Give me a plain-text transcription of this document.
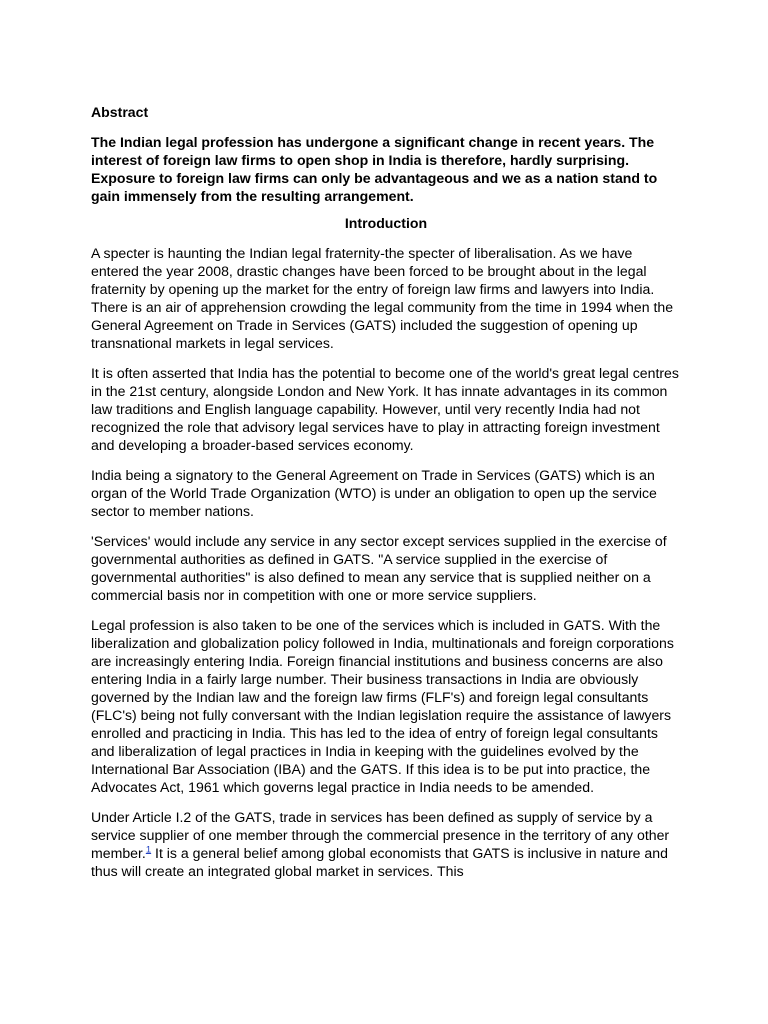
Abstract

The Indian legal profession has undergone a significant change in recent years. The interest of foreign law firms to open shop in India is therefore, hardly surprising. Exposure to foreign law firms can only be advantageous and we as a nation stand to gain immensely from the resulting arrangement.

Introduction

A specter is haunting the Indian legal fraternity-the specter of liberalisation. As we have entered the year 2008, drastic changes have been forced to be brought about in the legal fraternity by opening up the market for the entry of foreign law firms and lawyers into India. There is an air of apprehension crowding the legal community from the time in 1994 when the General Agreement on Trade in Services (GATS) included the suggestion of opening up transnational markets in legal services.

It is often asserted that India has the potential to become one of the world's great legal centres in the 21st century, alongside London and New York. It has innate advantages in its common law traditions and English language capability. However, until very recently India had not recognized the role that advisory legal services have to play in attracting foreign investment and developing a broader-based services economy.

India being a signatory to the General Agreement on Trade in Services (GATS) which is an organ of the World Trade Organization (WTO) is under an obligation to open up the service sector to member nations.

'Services' would include any service in any sector except services supplied in the exercise of governmental authorities as defined in GATS. "A service supplied in the exercise of governmental authorities" is also defined to mean any service that is supplied neither on a commercial basis nor in competition with one or more service suppliers.

Legal profession is also taken to be one of the services which is included in GATS. With the liberalization and globalization policy followed in India, multinationals and foreign corporations are increasingly entering India. Foreign financial institutions and business concerns are also entering India in a fairly large number. Their business transactions in India are obviously governed by the Indian law and the foreign law firms (FLF's) and foreign legal consultants (FLC's) being not fully conversant with the Indian legislation require the assistance of lawyers enrolled and practicing in India. This has led to the idea of entry of foreign legal consultants and liberalization of legal practices in India in keeping with the guidelines evolved by the International Bar Association (IBA) and the GATS. If this idea is to be put into practice, the Advocates Act, 1961 which governs legal practice in India needs to be amended.

Under Article I.2 of the GATS, trade in services has been defined as supply of service by a service supplier of one member through the commercial presence in the territory of any other member.$^1$ It is a general belief among global economists that GATS is inclusive in nature and thus will create an integrated global market in services. This
